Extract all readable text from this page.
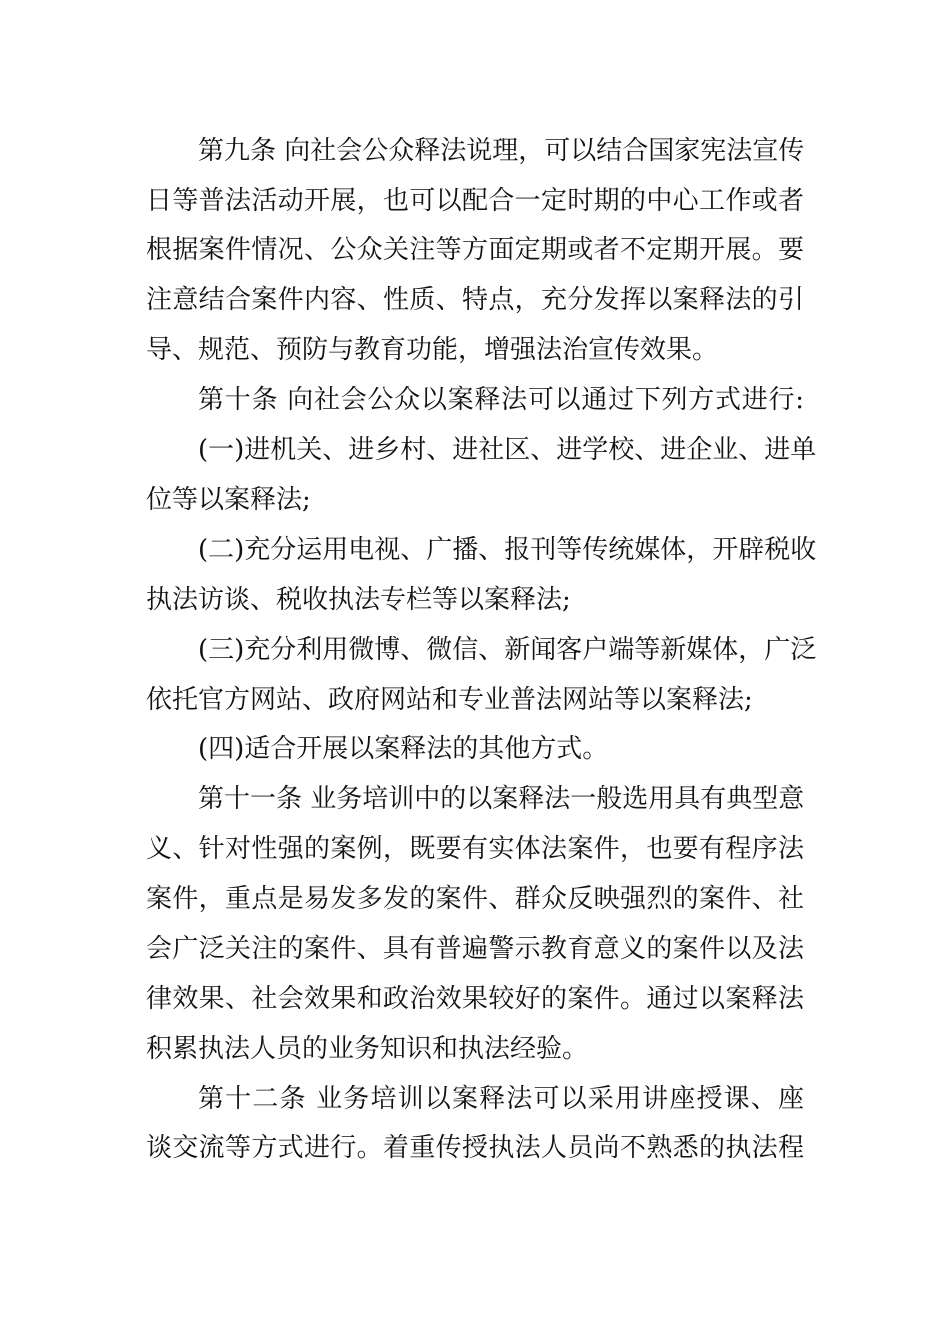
第九条 向社会公众释法说理，可以结合国家宪法宣传
日等普法活动开展，也可以配合一定时期的中心工作或者
根据案件情况、公众关注等方面定期或者不定期开展。要
注意结合案件内容、性质、特点，充分发挥以案释法的引
导、规范、预防与教育功能，增强法治宣传效果。
第十条 向社会公众以案释法可以通过下列方式进行:
(一)进机关、进乡村、进社区、进学校、进企业、进单
位等以案释法;
(二)充分运用电视、广播、报刊等传统媒体，开辟税收
执法访谈、税收执法专栏等以案释法;
(三)充分利用微博、微信、新闻客户端等新媒体，广泛
依托官方网站、政府网站和专业普法网站等以案释法;
(四)适合开展以案释法的其他方式。
第十一条 业务培训中的以案释法一般选用具有典型意
义、针对性强的案例，既要有实体法案件，也要有程序法
案件，重点是易发多发的案件、群众反映强烈的案件、社
会广泛关注的案件、具有普遍警示教育意义的案件以及法
律效果、社会效果和政治效果较好的案件。通过以案释法
积累执法人员的业务知识和执法经验。
第十二条 业务培训以案释法可以采用讲座授课、座
谈交流等方式进行。着重传授执法人员尚不熟悉的执法程
